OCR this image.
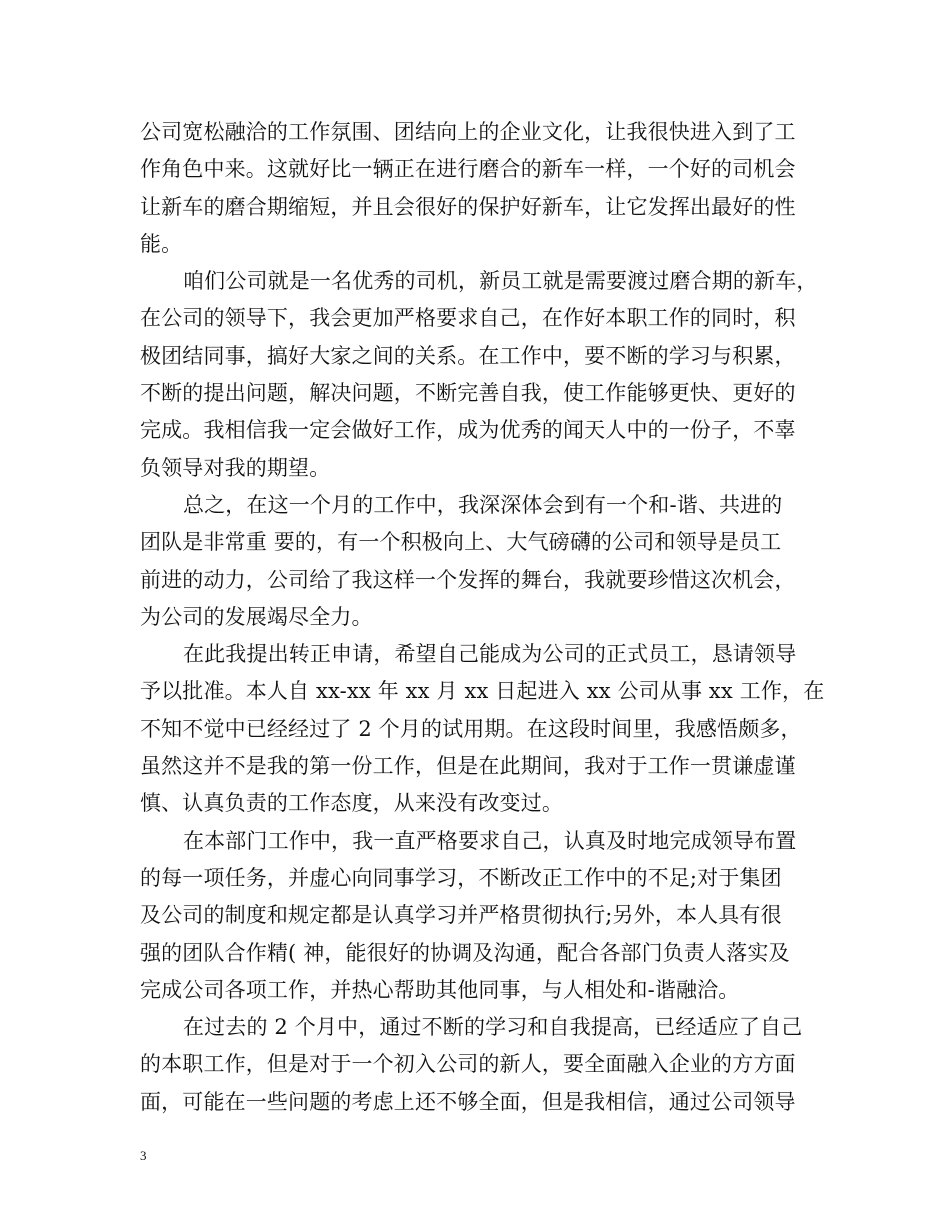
公司宽松融洽的工作氛围、团结向上的企业文化，让我很快进入到了工
作角色中来。这就好比一辆正在进行磨合的新车一样，一个好的司机会
让新车的磨合期缩短，并且会很好的保护好新车，让它发挥出最好的性
能。

咱们公司就是一名优秀的司机，新员工就是需要渡过磨合期的新车，
在公司的领导下，我会更加严格要求自己，在作好本职工作的同时，积
极团结同事，搞好大家之间的关系。在工作中，要不断的学习与积累，
不断的提出问题，解决问题，不断完善自我，使工作能够更快、更好的
完成。我相信我一定会做好工作，成为优秀的闻天人中的一份子，不辜
负领导对我的期望。

总之，在这一个月的工作中，我深深体会到有一个和-谐、共进的
团队是非常重 要的，有一个积极向上、大气磅礴的公司和领导是员工
前进的动力，公司给了我这样一个发挥的舞台，我就要珍惜这次机会，
为公司的发展竭尽全力。

在此我提出转正申请，希望自己能成为公司的正式员工，恳请领导
予以批准。本人自 xx-xx 年 xx 月 xx 日起进入 xx 公司从事 xx 工作，在
不知不觉中已经经过了 2 个月的试用期。在这段时间里，我感悟颇多，
虽然这并不是我的第一份工作，但是在此期间，我对于工作一贯谦虚谨
慎、认真负责的工作态度，从来没有改变过。

在本部门工作中，我一直严格要求自己，认真及时地完成领导布置
的每一项任务，并虚心向同事学习，不断改正工作中的不足;对于集团
及公司的制度和规定都是认真学习并严格贯彻执行;另外，本人具有很
强的团队合作精( 神，能很好的协调及沟通，配合各部门负责人落实及
完成公司各项工作，并热心帮助其他同事，与人相处和-谐融洽。

在过去的 2 个月中，通过不断的学习和自我提高，已经适应了自己
的本职工作，但是对于一个初入公司的新人，要全面融入企业的方方面
面，可能在一些问题的考虑上还不够全面，但是我相信，通过公司领导

3
